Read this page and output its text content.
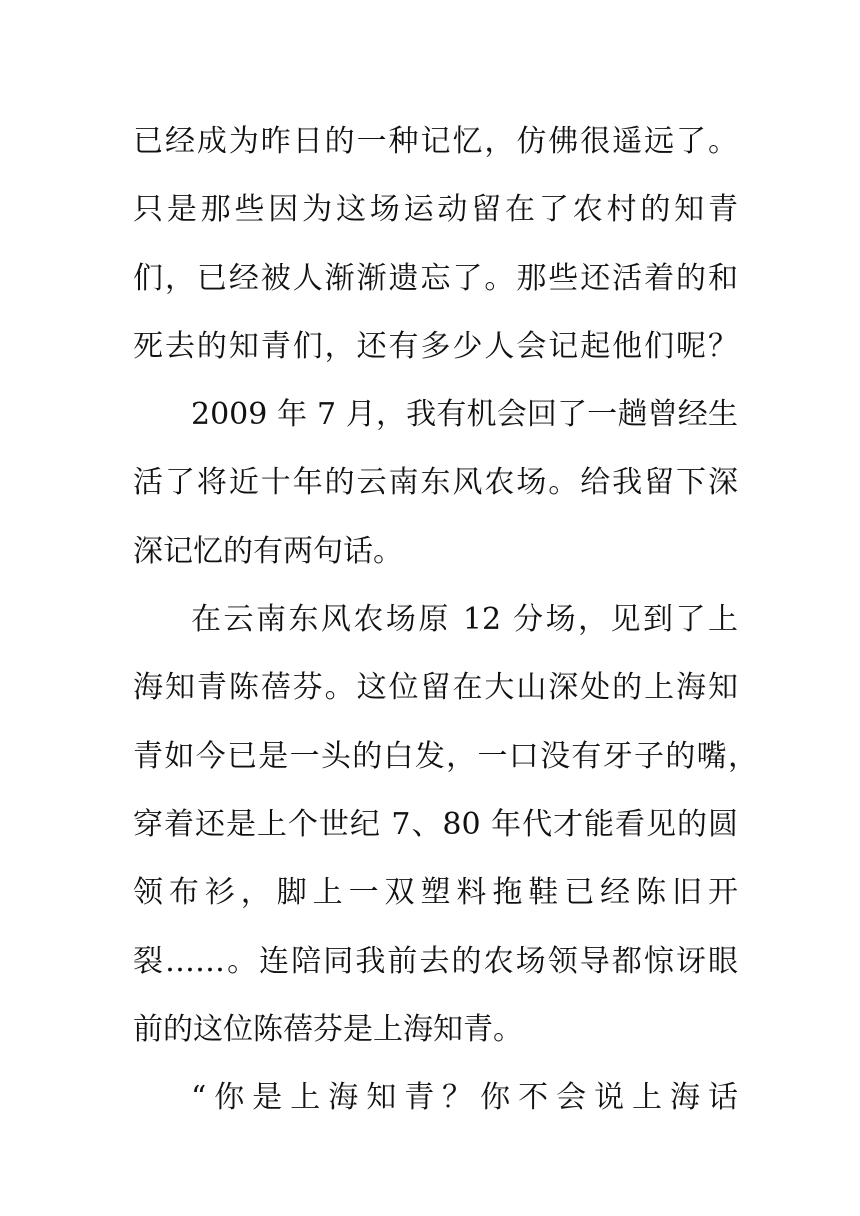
已经成为昨日的一种记忆，仿佛很遥远了。
只是那些因为这场运动留在了农村的知青
们，已经被人渐渐遗忘了。那些还活着的和
死去的知青们，还有多少人会记起他们呢？
2009 年 7 月，我有机会回了一趟曾经生
活了将近十年的云南东风农场。给我留下深
深记忆的有两句话。
在云南东风农场原 12 分场，见到了上
海知青陈蓓芬。这位留在大山深处的上海知
青如今已是一头的白发，一口没有牙子的嘴，
穿着还是上个世纪 7、80 年代才能看见的圆
领布衫，脚上一双塑料拖鞋已经陈旧开
裂……。连陪同我前去的农场领导都惊讶眼
前的这位陈蓓芬是上海知青。
“你是上海知青？你不会说上海话
